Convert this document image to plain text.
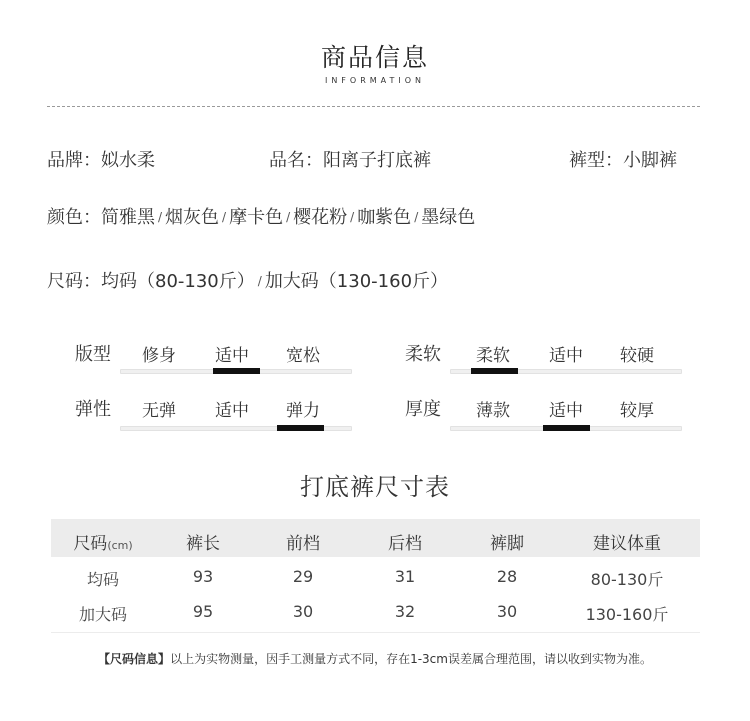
商品信息
INFORMATION
品牌：姒水柔	品名：阳离子打底裤	裤型：小脚裤
颜色：简雅黑 / 烟灰色 / 摩卡色 / 樱花粉 / 咖紫色 / 墨绿色
尺码：均码（80-130斤） / 加大码（130-160斤）
版型	修身	适中	宽松	柔软	柔软	适中	较硬
弹性	无弹	适中	弹力	厚度	薄款	适中	较厚
打底裤尺寸表
尺码(cm)	裤长	前档	后档	裤脚	建议体重
均码	93	29	31	28	80-130斤
加大码	95	30	32	30	130-160斤
【尺码信息】以上为实物测量，因手工测量方式不同，存在1-3cm误差属合理范围，请以收到实物为准。
